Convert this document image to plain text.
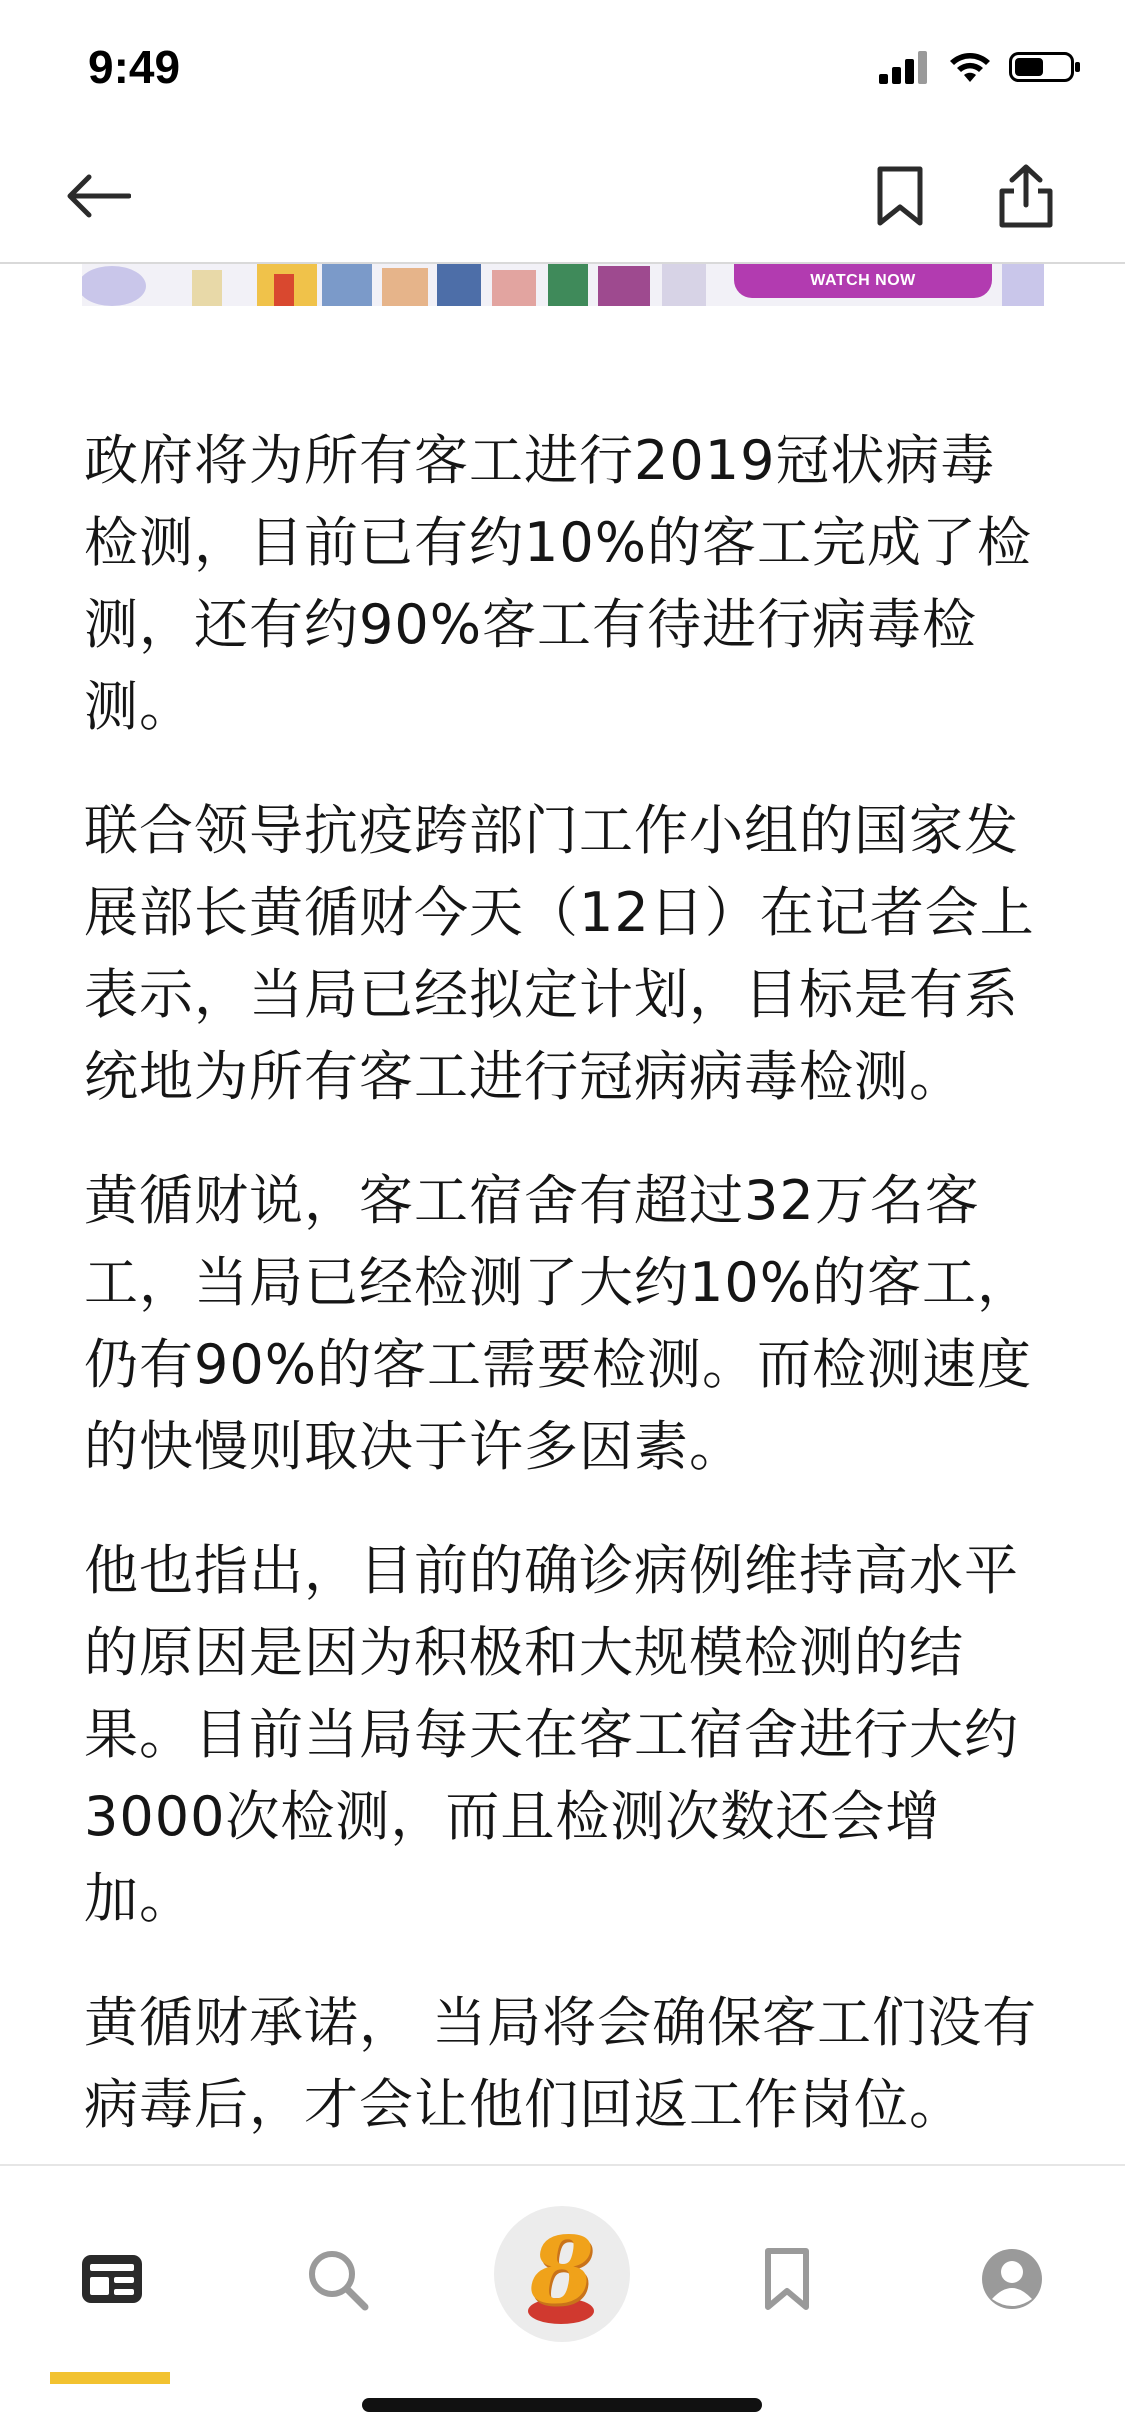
9:49
WATCH NOW

政府将为所有客工进行2019冠状病毒检测，目前已有约10%的客工完成了检测，还有约90%客工有待进行病毒检测。

联合领导抗疫跨部门工作小组的国家发展部长黄循财今天（12日）在记者会上表示，当局已经拟定计划，目标是有系统地为所有客工进行冠病病毒检测。

黄循财说，客工宿舍有超过32万名客工，当局已经检测了大约10%的客工，仍有90%的客工需要检测。而检测速度的快慢则取决于许多因素。

他也指出，目前的确诊病例维持高水平的原因是因为积极和大规模检测的结果。目前当局每天在客工宿舍进行大约3000次检测，而且检测次数还会增加。

黄循财承诺， 当局将会确保客工们没有病毒后，才会让他们回返工作岗位。

8
